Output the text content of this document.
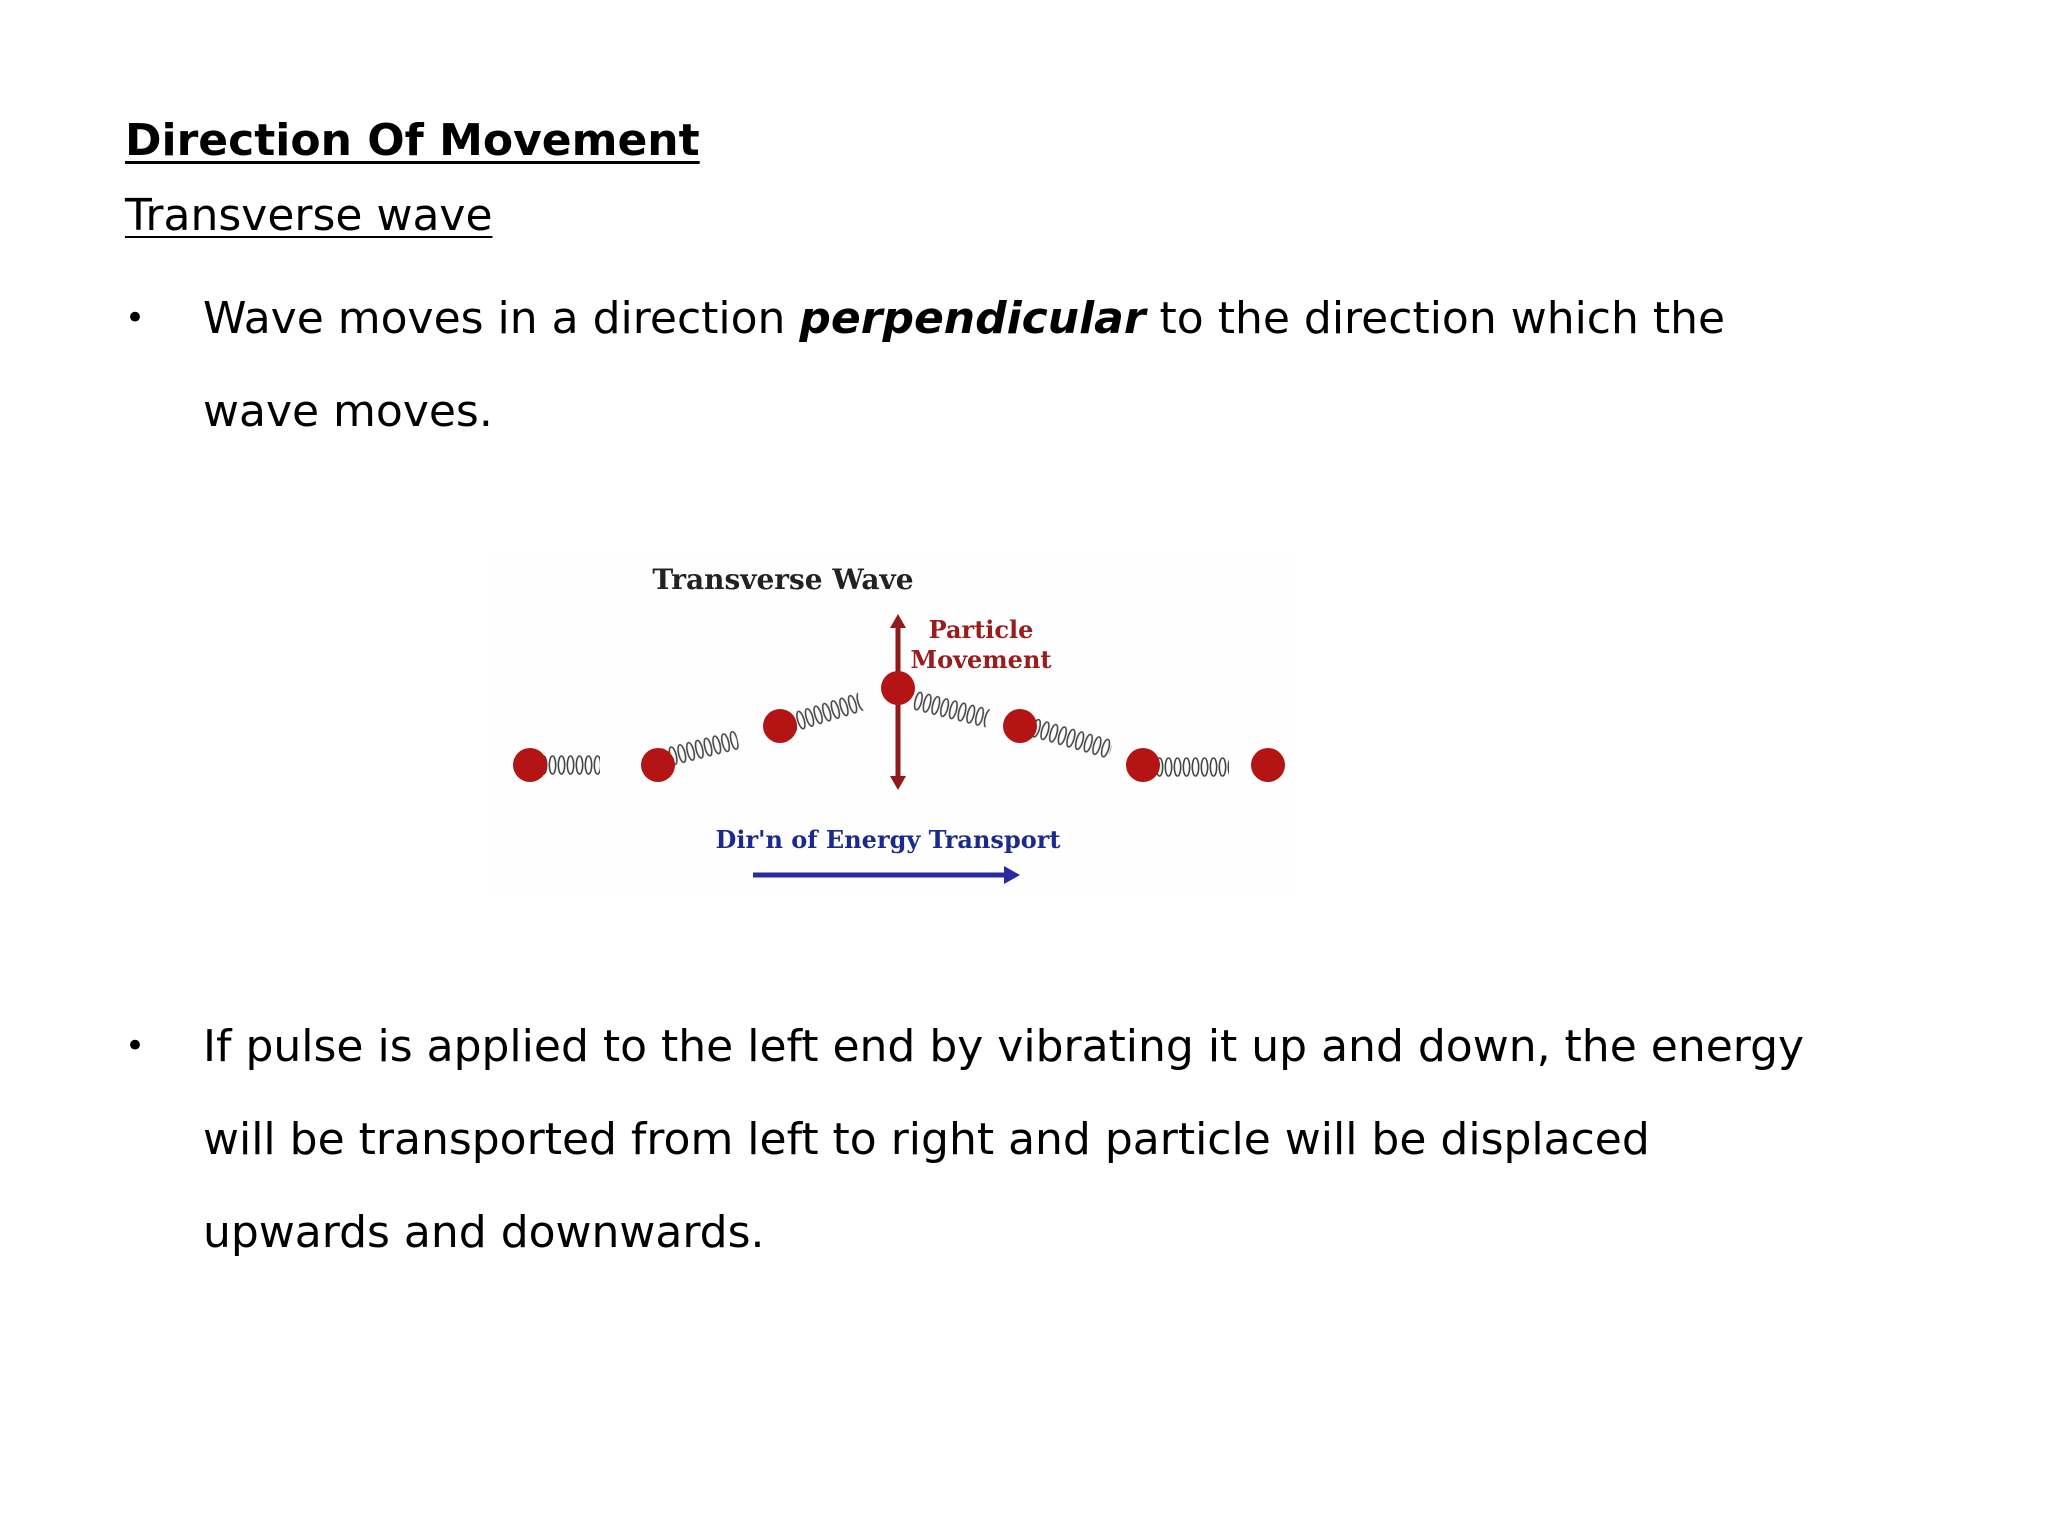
Direction Of Movement
Transverse wave
• Wave moves in a direction perpendicular to the direction which the wave moves.
Transverse Wave
Particle
Movement
Dir'n of Energy Transport
• If pulse is applied to the left end by vibrating it up and down, the energy will be transported from left to right and particle will be displaced upwards and downwards.
